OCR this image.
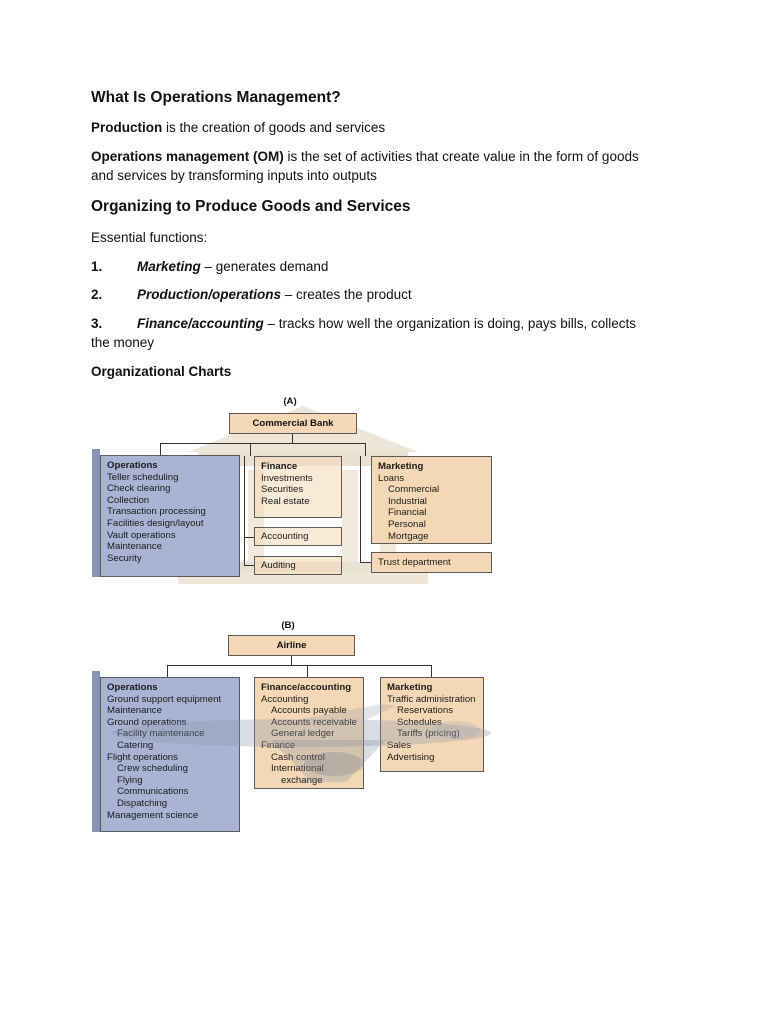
What Is Operations Management?

Production is the creation of goods and services

Operations management (OM) is the set of activities that create value in the form of goods
and services by transforming inputs into outputs

Organizing to Produce Goods and Services

Essential functions:

1.	Marketing – generates demand

2.	Production/operations – creates the product

3.	Finance/accounting – tracks how well the organization is doing, pays bills, collects
the money

Organizational Charts

(A)
Commercial Bank
Operations
Teller scheduling
Check clearing
Collection
Transaction processing
Facilities design/layout
Vault operations
Maintenance
Security
Finance
Investments
Securities
Real estate
Accounting
Auditing
Marketing
Loans
Commercial
Industrial
Financial
Personal
Mortgage
Trust department
(B)
Airline
Operations
Ground support equipment
Maintenance
Ground operations
Facility maintenance
Catering
Flight operations
Crew scheduling
Flying
Communications
Dispatching
Management science
Finance/accounting
Accounting
Accounts payable
Accounts receivable
General ledger
Finance
Cash control
International
exchange
Marketing
Traffic administration
Reservations
Schedules
Tariffs (pricing)
Sales
Advertising
